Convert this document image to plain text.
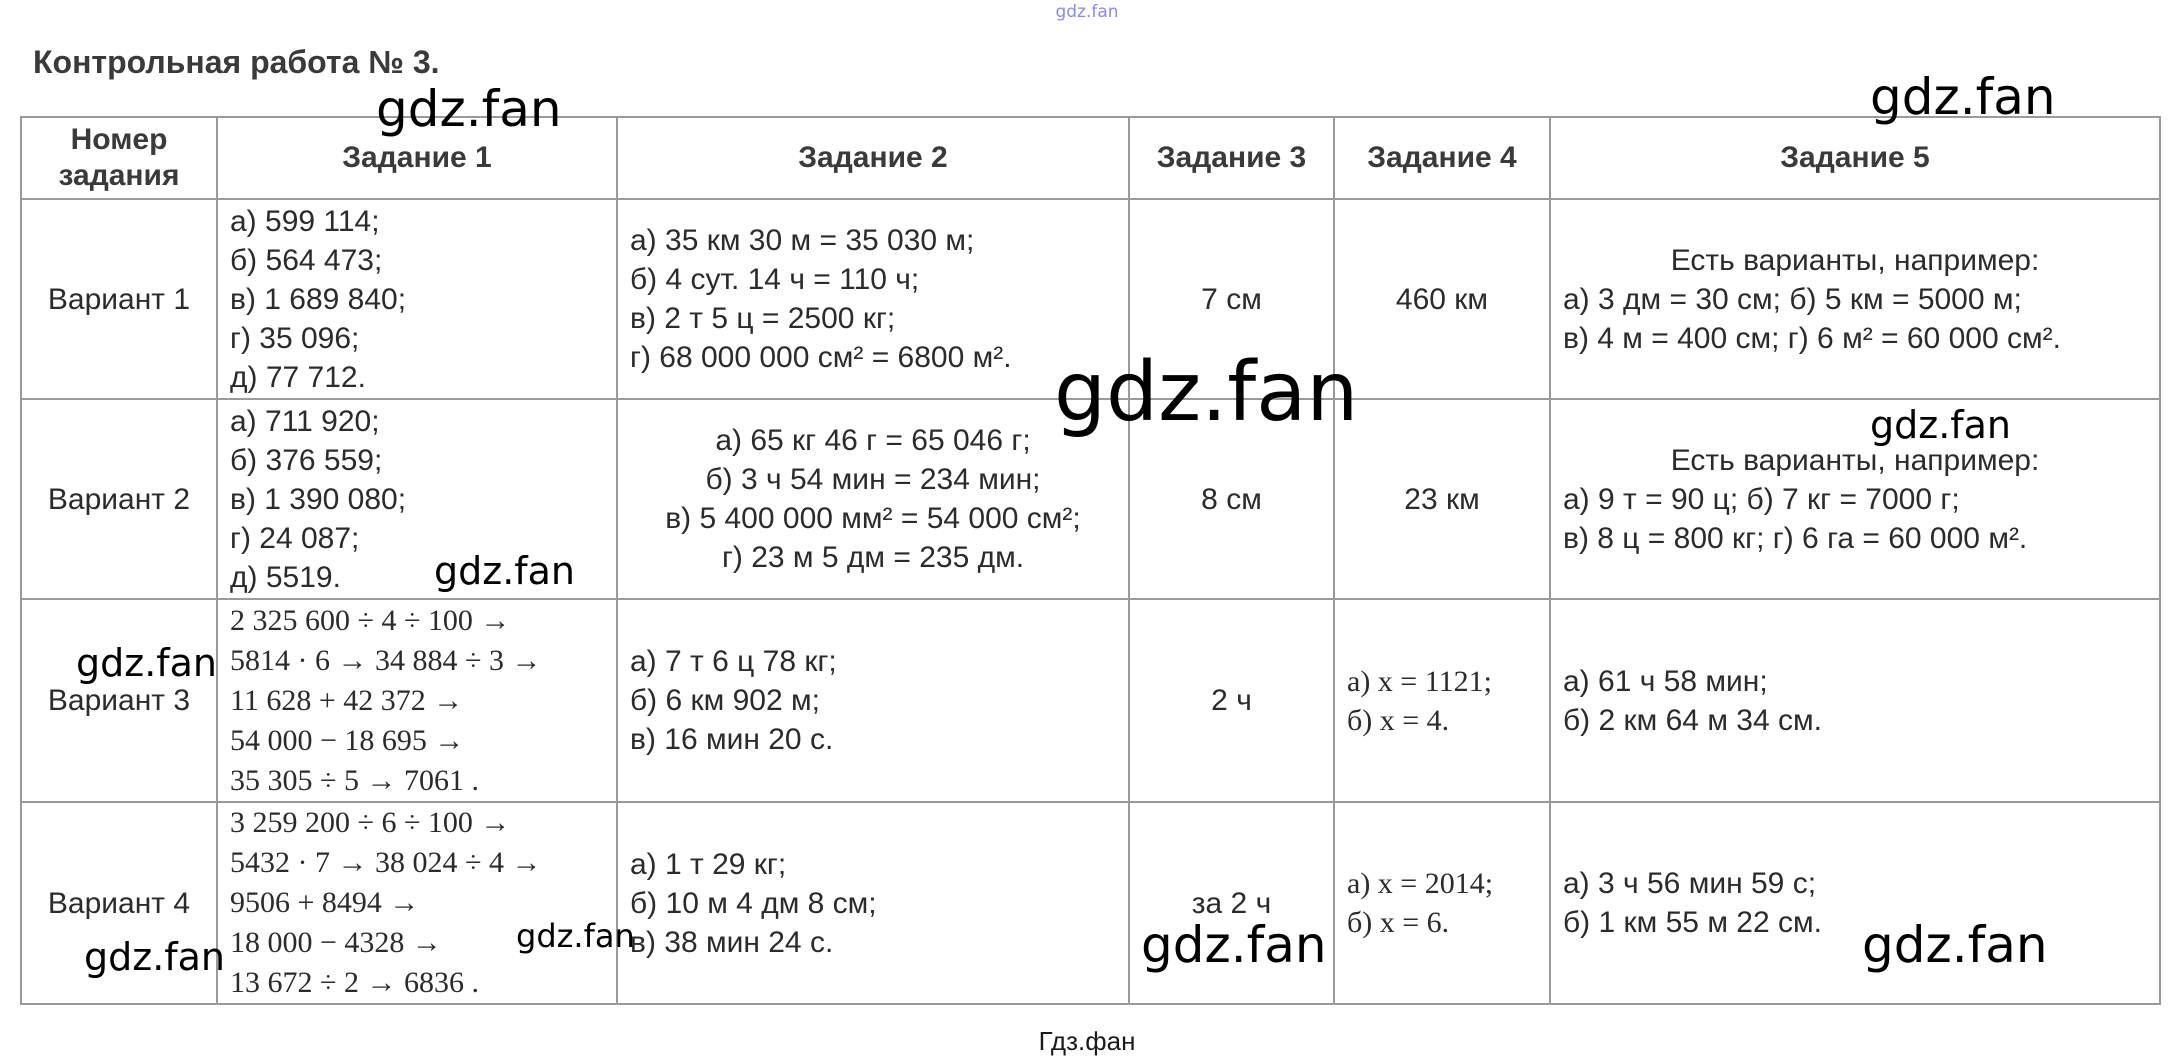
gdz.fan
Контрольная работа № 3.
Номер задания	Задание 1	Задание 2	Задание 3	Задание 4	Задание 5
Вариант 1	а) 599 114;
б) 564 473;
в) 1 689 840;
г) 35 096;
д) 77 712.	а) 35 км 30 м = 35 030 м;
б) 4 сут. 14 ч = 110 ч;
в) 2 т 5 ц = 2500 кг;
г) 68 000 000 см² = 6800 м².	7 см	460 км	Есть варианты, например:
а) 3 дм = 30 см; б) 5 км = 5000 м;
в) 4 м = 400 см; г) 6 м² = 60 000 см².

Вариант 2	а) 711 920;
б) 376 559;
в) 1 390 080;
г) 24 087;
д) 5519.	а) 65 кг 46 г = 65 046 г;
б) 3 ч 54 мин = 234 мин;
в) 5 400 000 мм² = 54 000 см²;
г) 23 м 5 дм = 235 дм.	8 см	23 км	Есть варианты, например:
а) 9 т = 90 ц; б) 7 кг = 7000 г;
в) 8 ц = 800 кг; г) 6 га = 60 000 м².

Вариант 3	2 325 600 ÷ 4 ÷ 100 →
5814 · 6 → 34 884 ÷ 3 →
11 628 + 42 372 →
54 000 − 18 695 →
35 305 ÷ 5 → 7061 .	а) 7 т 6 ц 78 кг;
б) 6 км 902 м;
в) 16 мин 20 с.	2 ч	а) x = 1121;
б) x = 4.	а) 61 ч 58 мин;
б) 2 км 64 м 34 см.

Вариант 4	3 259 200 ÷ 6 ÷ 100 →
5432 · 7 → 38 024 ÷ 4 →
9506 + 8494 →
18 000 − 4328 →
13 672 ÷ 2 → 6836 .	а) 1 т 29 кг;
б) 10 м 4 дм 8 см;
в) 38 мин 24 с.	за 2 ч	а) x = 2014;
б) x = 6.	а) 3 ч 56 мин 59 с;
б) 1 км 55 м 22 см.
gdz.fan	gdz.fan
gdz.fan	gdz.fan
gdz.fan
gdz.fan
gdz.fan	gdz.fan	gdz.fan	gdz.fan
Гдз.фан
